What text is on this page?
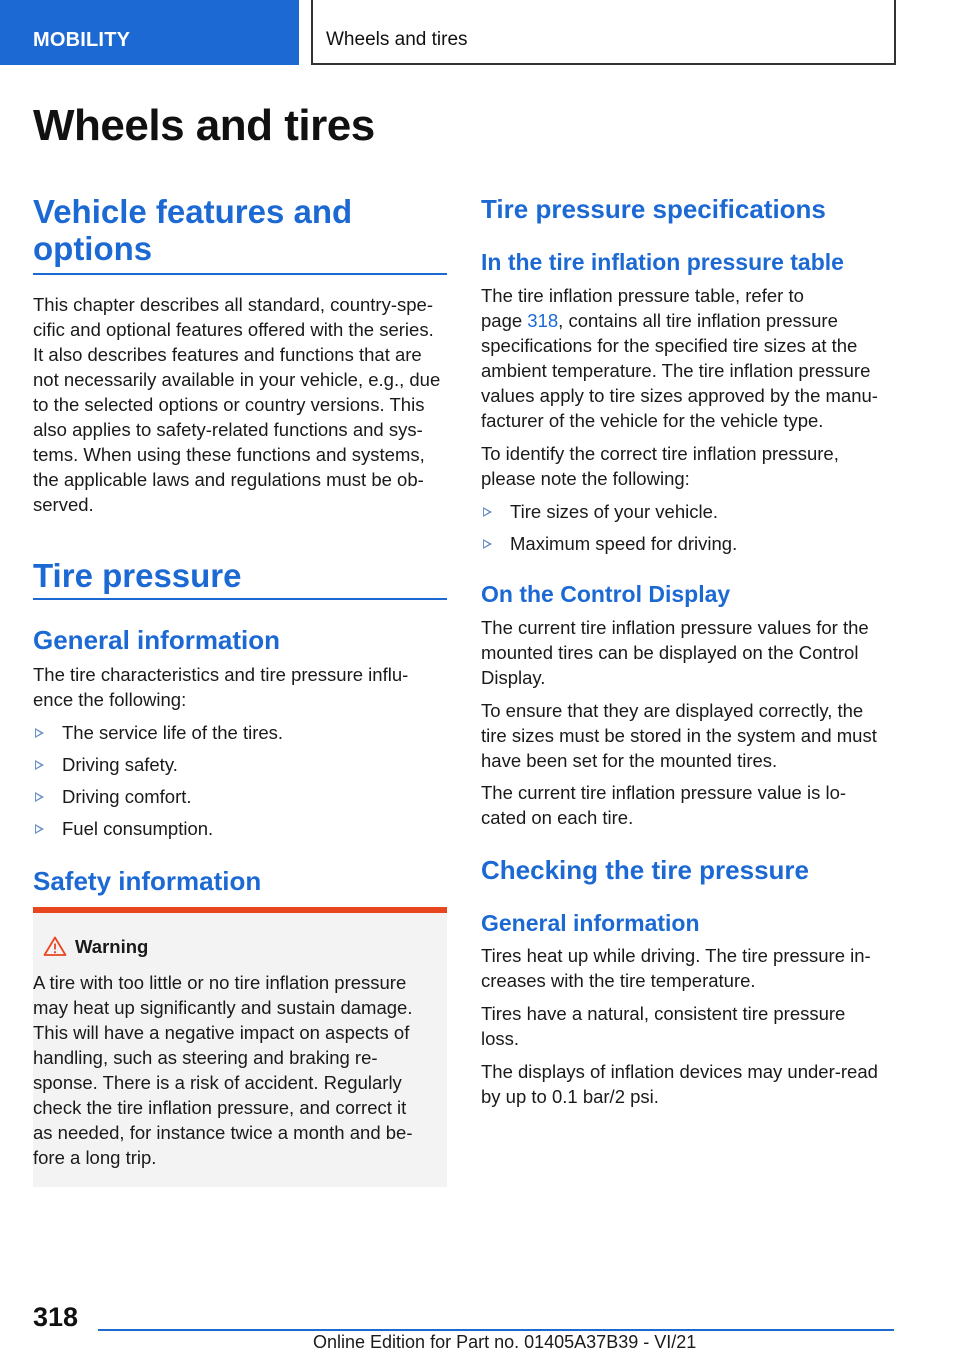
MOBILITY	Wheels and tires
Wheels and tires
Vehicle features and
options
This chapter describes all standard, country-spe-
cific and optional features offered with the series.
It also describes features and functions that are
not necessarily available in your vehicle, e.g., due
to the selected options or country versions. This
also applies to safety-related functions and sys-
tems. When using these functions and systems,
the applicable laws and regulations must be ob-
served.
Tire pressure
General information
The tire characteristics and tire pressure influ-
ence the following:
The service life of the tires.
Driving safety.
Driving comfort.
Fuel consumption.
Safety information
Warning
A tire with too little or no tire inflation pressure
may heat up significantly and sustain damage.
This will have a negative impact on aspects of
handling, such as steering and braking re-
sponse. There is a risk of accident. Regularly
check the tire inflation pressure, and correct it
as needed, for instance twice a month and be-
fore a long trip.
Tire pressure specifications
In the tire inflation pressure table
The tire inflation pressure table, refer to
page 318, contains all tire inflation pressure
specifications for the specified tire sizes at the
ambient temperature. The tire inflation pressure
values apply to tire sizes approved by the manu-
facturer of the vehicle for the vehicle type.
To identify the correct tire inflation pressure,
please note the following:
Tire sizes of your vehicle.
Maximum speed for driving.
On the Control Display
The current tire inflation pressure values for the
mounted tires can be displayed on the Control
Display.
To ensure that they are displayed correctly, the
tire sizes must be stored in the system and must
have been set for the mounted tires.
The current tire inflation pressure value is lo-
cated on each tire.
Checking the tire pressure
General information
Tires heat up while driving. The tire pressure in-
creases with the tire temperature.
Tires have a natural, consistent tire pressure
loss.
The displays of inflation devices may under-read
by up to 0.1 bar/2 psi.
318
Online Edition for Part no. 01405A37B39 - VI/21
